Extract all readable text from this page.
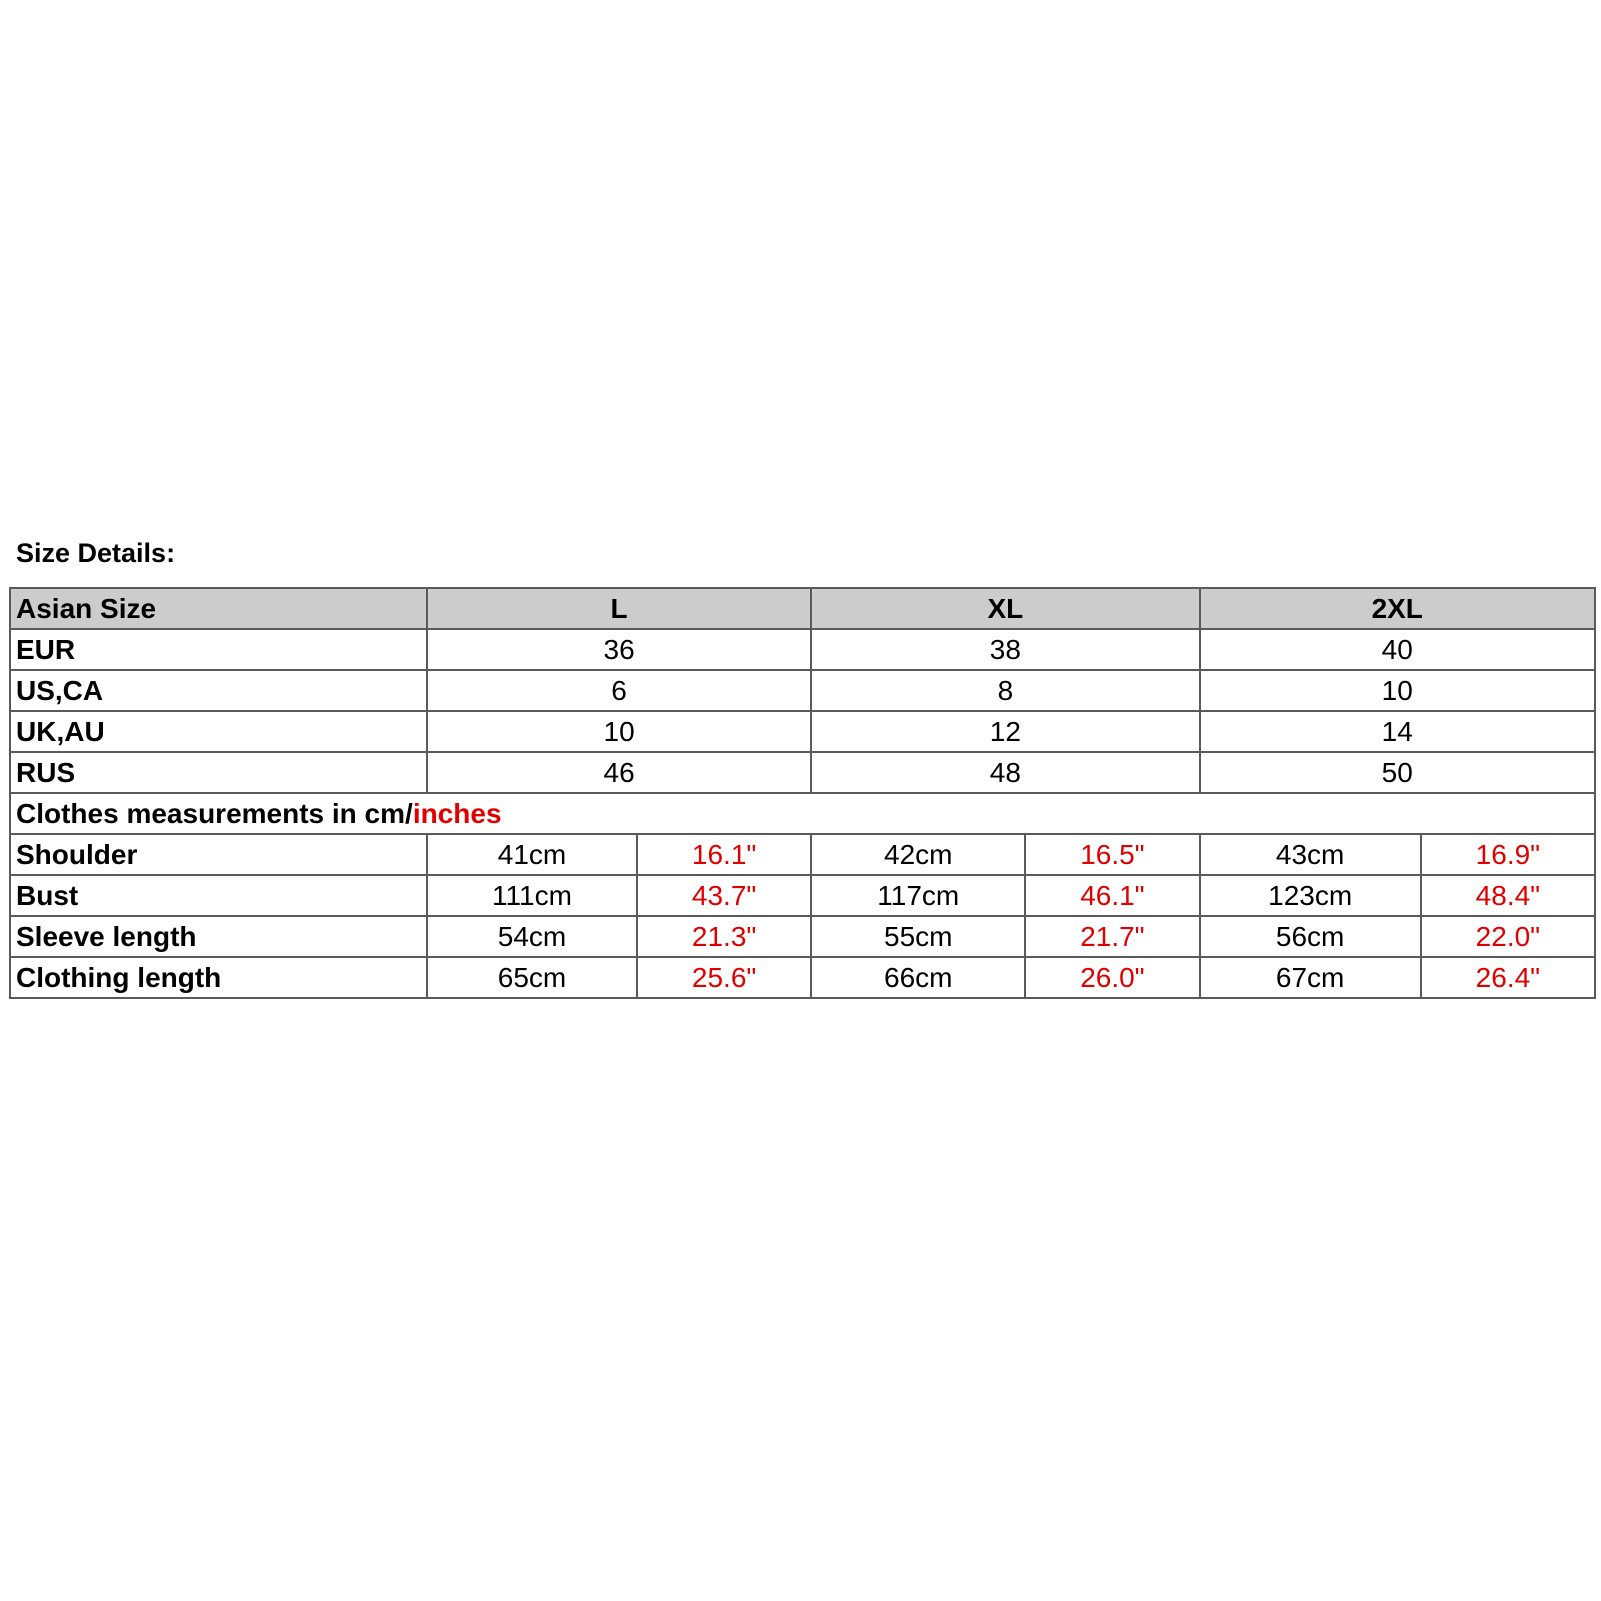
Size Details:
Asian Size	L		XL		2XL	
EUR	36		38		40	
US,CA	6		8		10	
UK,AU	10		12		14	
RUS	46		48		50	
Clothes measurements in cm/inches						
Shoulder	41cm	16.1"	42cm	16.5"	43cm	16.9"
Bust	111cm	43.7"	117cm	46.1"	123cm	48.4"
Sleeve length	54cm	21.3"	55cm	21.7"	56cm	22.0"
Clothing length	65cm	25.6"	66cm	26.0"	67cm	26.4"
